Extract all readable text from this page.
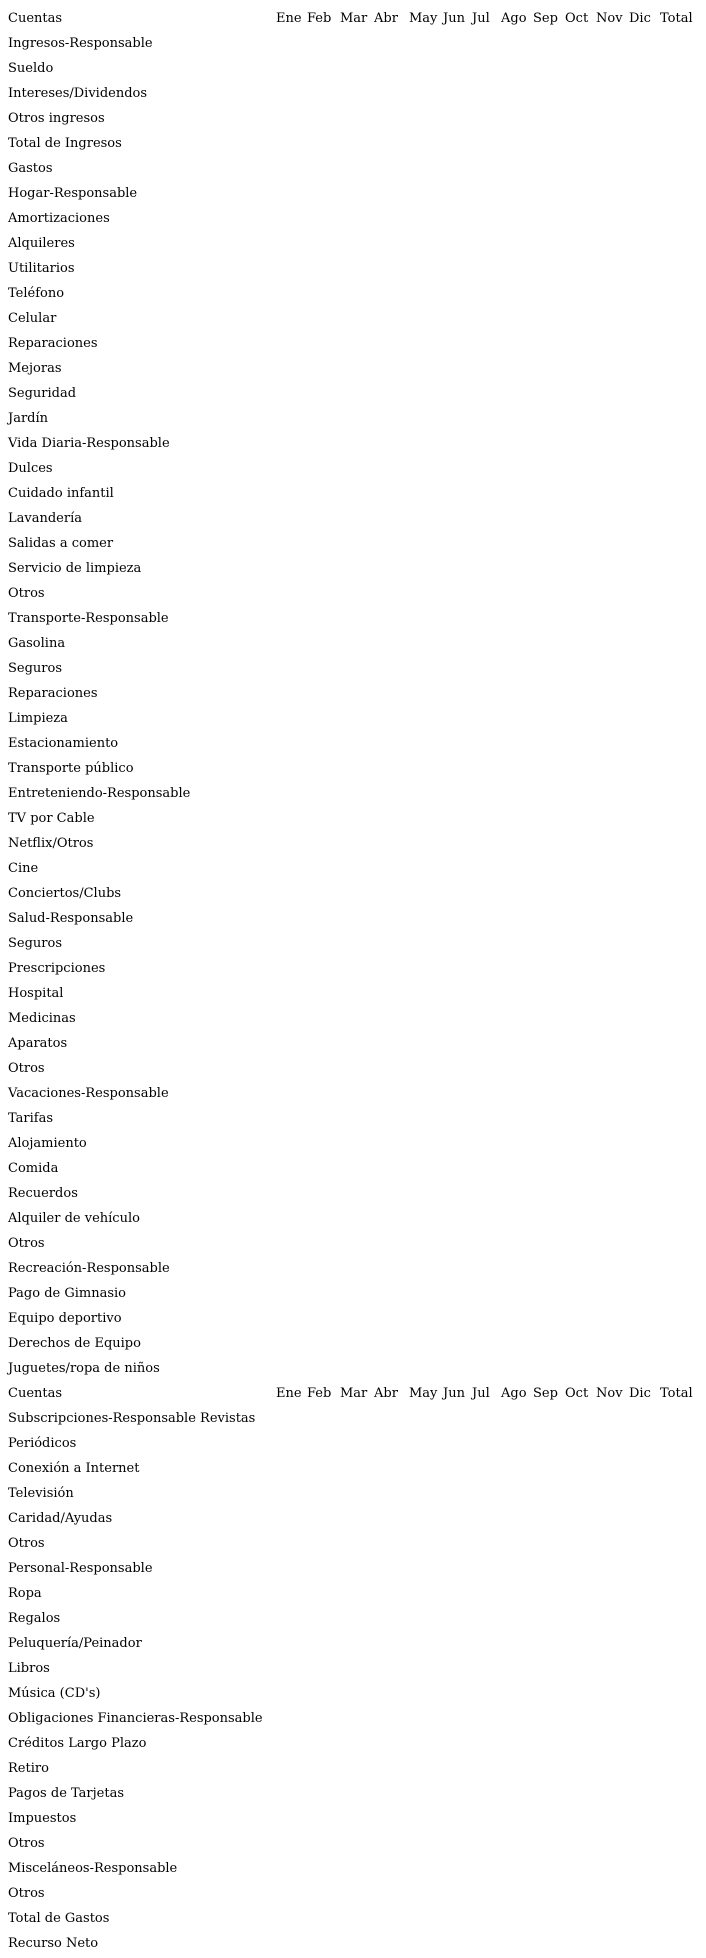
Cuentas	Ene Feb Mar Abr May Jun Jul Ago Sep Oct Nov Dic Total
Ingresos-Responsable
Sueldo
Intereses/Dividendos
Otros ingresos
Total de Ingresos
Gastos
Hogar-Responsable
Amortizaciones
Alquileres
Utilitarios
Teléfono
Celular
Reparaciones
Mejoras
Seguridad
Jardín
Vida Diaria-Responsable
Dulces
Cuidado infantil
Lavandería
Salidas a comer
Servicio de limpieza
Otros
Transporte-Responsable
Gasolina
Seguros
Reparaciones
Limpieza
Estacionamiento
Transporte público
Entreteniendo-Responsable
TV por Cable
Netflix/Otros
Cine
Conciertos/Clubs
Salud-Responsable
Seguros
Prescripciones
Hospital
Medicinas
Aparatos
Otros
Vacaciones-Responsable
Tarifas
Alojamiento
Comida
Recuerdos
Alquiler de vehículo
Otros
Recreación-Responsable
Pago de Gimnasio
Equipo deportivo
Derechos de Equipo
Juguetes/ropa de niños
Cuentas	Ene Feb Mar Abr May Jun Jul Ago Sep Oct Nov Dic Total
Subscripciones-Responsable Revistas
Periódicos
Conexión a Internet
Televisión
Caridad/Ayudas
Otros
Personal-Responsable
Ropa
Regalos
Peluquería/Peinador
Libros
Música (CD's)
Obligaciones Financieras-Responsable
Créditos Largo Plazo
Retiro
Pagos de Tarjetas
Impuestos
Otros
Misceláneos-Responsable
Otros
Total de Gastos
Recurso Neto
